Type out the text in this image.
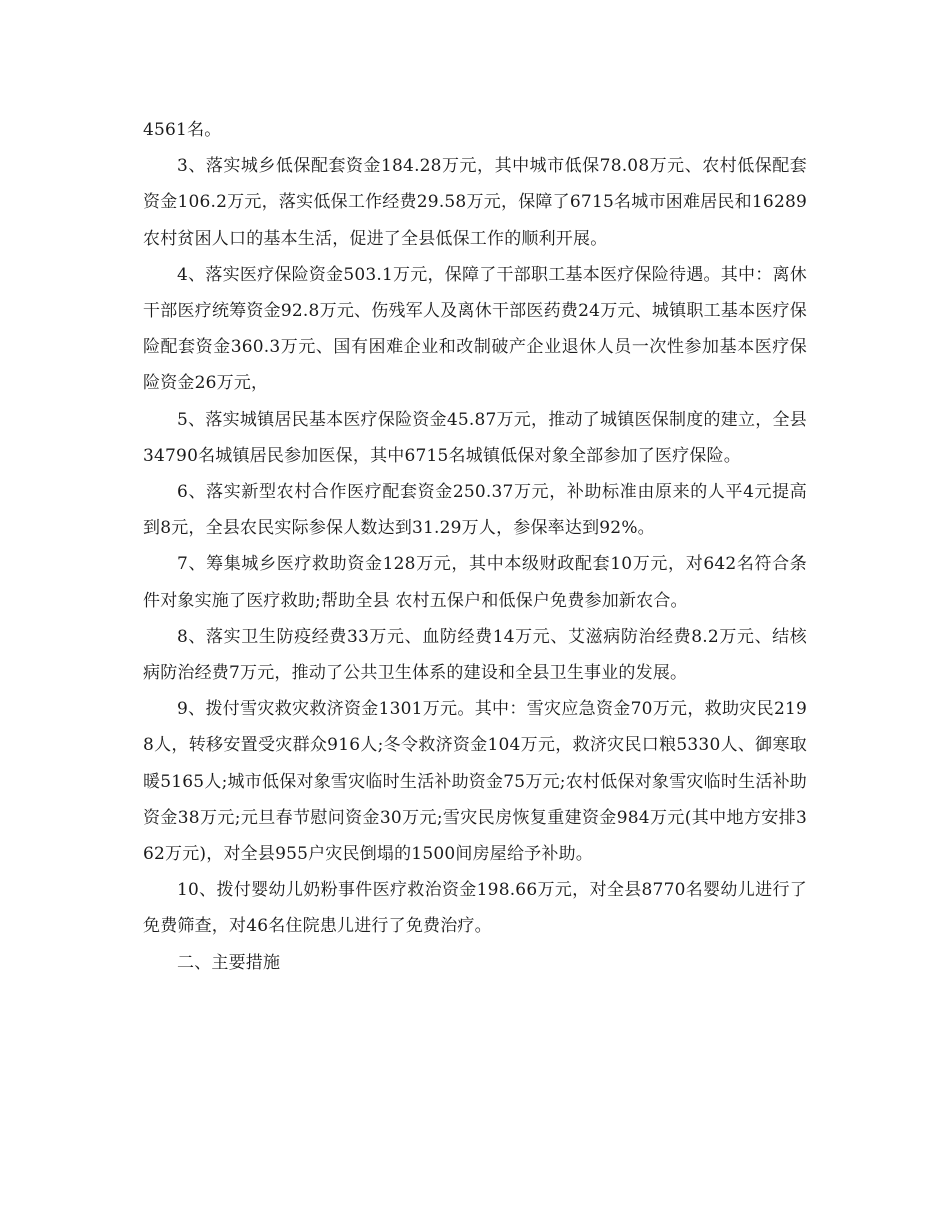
4561名。

3、落实城乡低保配套资金184.28万元，其中城市低保78.08万元、农村低保配套资金106.2万元，落实低保工作经费29.58万元，保障了6715名城市困难居民和16289农村贫困人口的基本生活，促进了全县低保工作的顺利开展。

4、落实医疗保险资金503.1万元，保障了干部职工基本医疗保险待遇。其中：离休干部医疗统筹资金92.8万元、伤残军人及离休干部医药费24万元、城镇职工基本医疗保险配套资金360.3万元、国有困难企业和改制破产企业退休人员一次性参加基本医疗保险资金26万元，

5、落实城镇居民基本医疗保险资金45.87万元，推动了城镇医保制度的建立，全县34790名城镇居民参加医保，其中6715名城镇低保对象全部参加了医疗保险。

6、落实新型农村合作医疗配套资金250.37万元，补助标准由原来的人平4元提高到8元，全县农民实际参保人数达到31.29万人，参保率达到92%。

7、筹集城乡医疗救助资金128万元，其中本级财政配套10万元，对642名符合条件对象实施了医疗救助;帮助全县 农村五保户和低保户免费参加新农合。

8、落实卫生防疫经费33万元、血防经费14万元、艾滋病防治经费8.2万元、结核病防治经费7万元，推动了公共卫生体系的建设和全县卫生事业的发展。

9、拨付雪灾救灾救济资金1301万元。其中：雪灾应急资金70万元，救助灾民2198人，转移安置受灾群众916人;冬令救济资金104万元，救济灾民口粮5330人、御寒取暖5165人;城市低保对象雪灾临时生活补助资金75万元;农村低保对象雪灾临时生活补助资金38万元;元旦春节慰问资金30万元;雪灾民房恢复重建资金984万元(其中地方安排362万元)，对全县955户灾民倒塌的1500间房屋给予补助。

10、拨付婴幼儿奶粉事件医疗救治资金198.66万元，对全县8770名婴幼儿进行了免费筛查，对46名住院患儿进行了免费治疗。

二、主要措施
